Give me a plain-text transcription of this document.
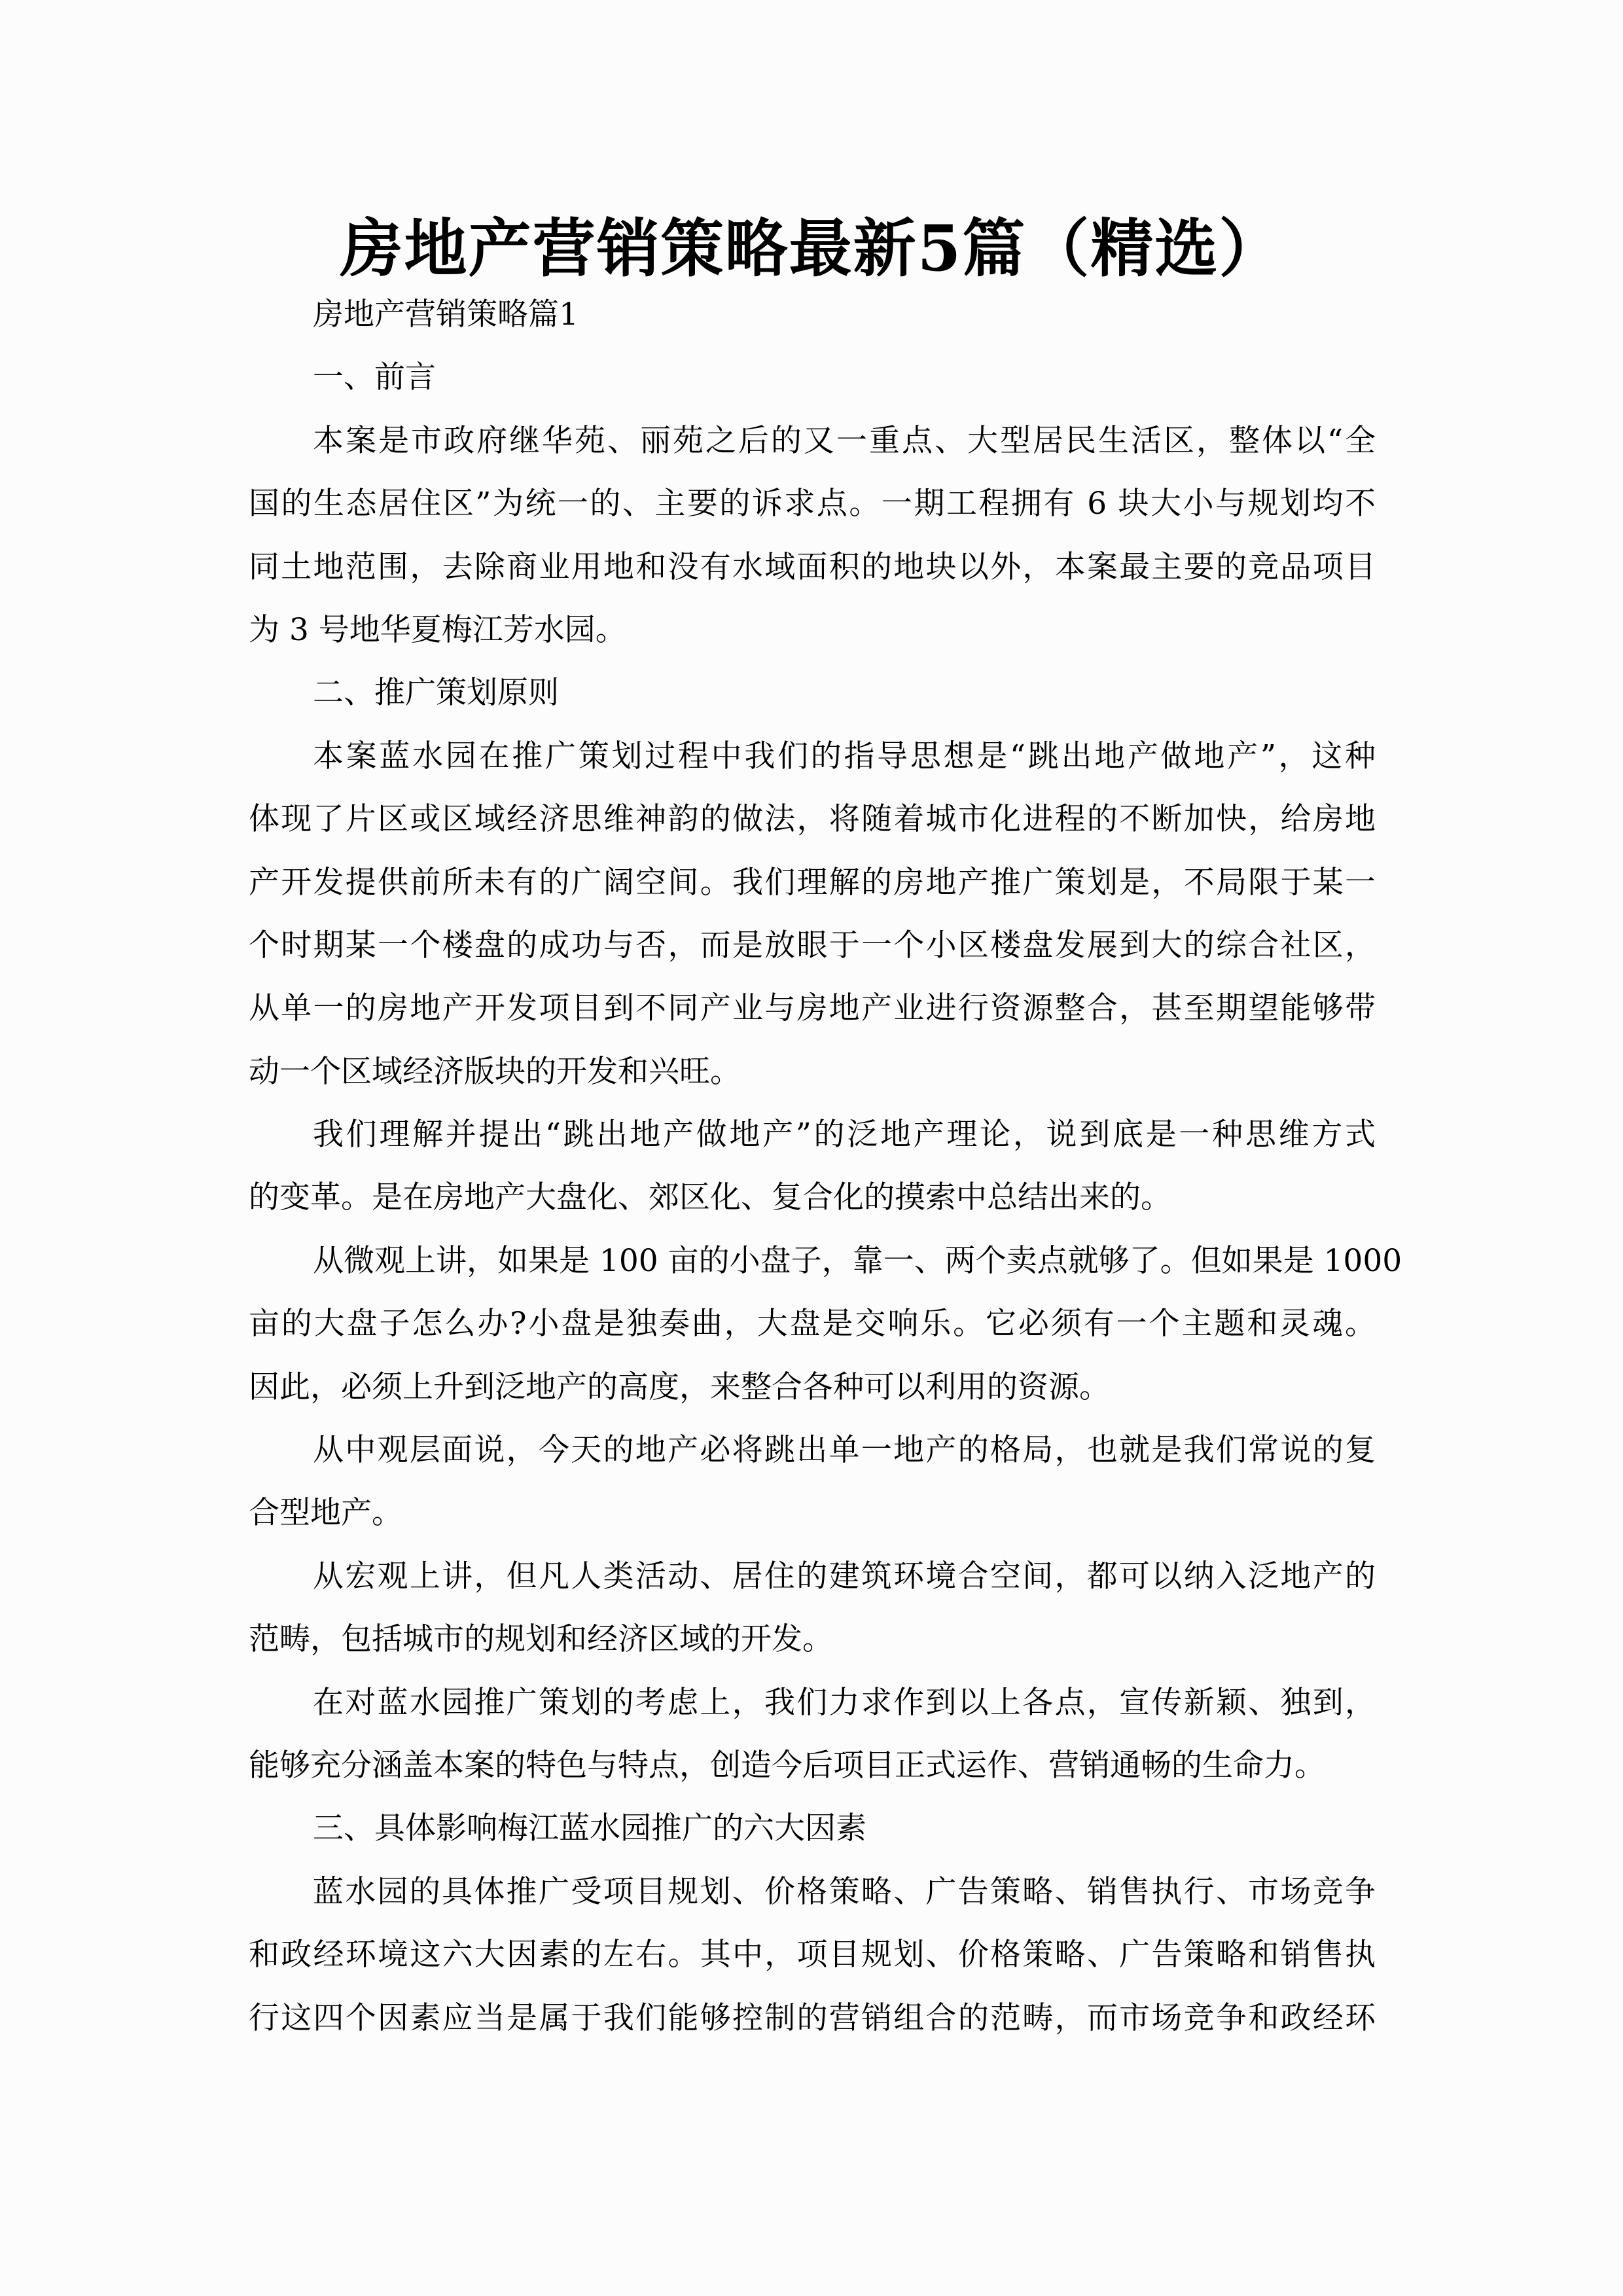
房地产营销策略最新5篇（精选）
房地产营销策略篇1
一、前言
本案是市政府继华苑、丽苑之后的又一重点、大型居民生活区，整体以“全
国的生态居住区”为统一的、主要的诉求点。一期工程拥有 6 块大小与规划均不
同土地范围，去除商业用地和没有水域面积的地块以外，本案最主要的竞品项目
为 3 号地华夏梅江芳水园。
二、推广策划原则
本案蓝水园在推广策划过程中我们的指导思想是“跳出地产做地产”，这种
体现了片区或区域经济思维神韵的做法，将随着城市化进程的不断加快，给房地
产开发提供前所未有的广阔空间。我们理解的房地产推广策划是，不局限于某一
个时期某一个楼盘的成功与否，而是放眼于一个小区楼盘发展到大的综合社区，
从单一的房地产开发项目到不同产业与房地产业进行资源整合，甚至期望能够带
动一个区域经济版块的开发和兴旺。
我们理解并提出“跳出地产做地产”的泛地产理论，说到底是一种思维方式
的变革。是在房地产大盘化、郊区化、复合化的摸索中总结出来的。
从微观上讲，如果是 100 亩的小盘子，靠一、两个卖点就够了。但如果是 1000
亩的大盘子怎么办?小盘是独奏曲，大盘是交响乐。它必须有一个主题和灵魂。
因此，必须上升到泛地产的高度，来整合各种可以利用的资源。
从中观层面说，今天的地产必将跳出单一地产的格局，也就是我们常说的复
合型地产。
从宏观上讲，但凡人类活动、居住的建筑环境合空间，都可以纳入泛地产的
范畴，包括城市的规划和经济区域的开发。
在对蓝水园推广策划的考虑上，我们力求作到以上各点，宣传新颖、独到，
能够充分涵盖本案的特色与特点，创造今后项目正式运作、营销通畅的生命力。
三、具体影响梅江蓝水园推广的六大因素
蓝水园的具体推广受项目规划、价格策略、广告策略、销售执行、市场竞争
和政经环境这六大因素的左右。其中，项目规划、价格策略、广告策略和销售执
行这四个因素应当是属于我们能够控制的营销组合的范畴，而市场竞争和政经环
